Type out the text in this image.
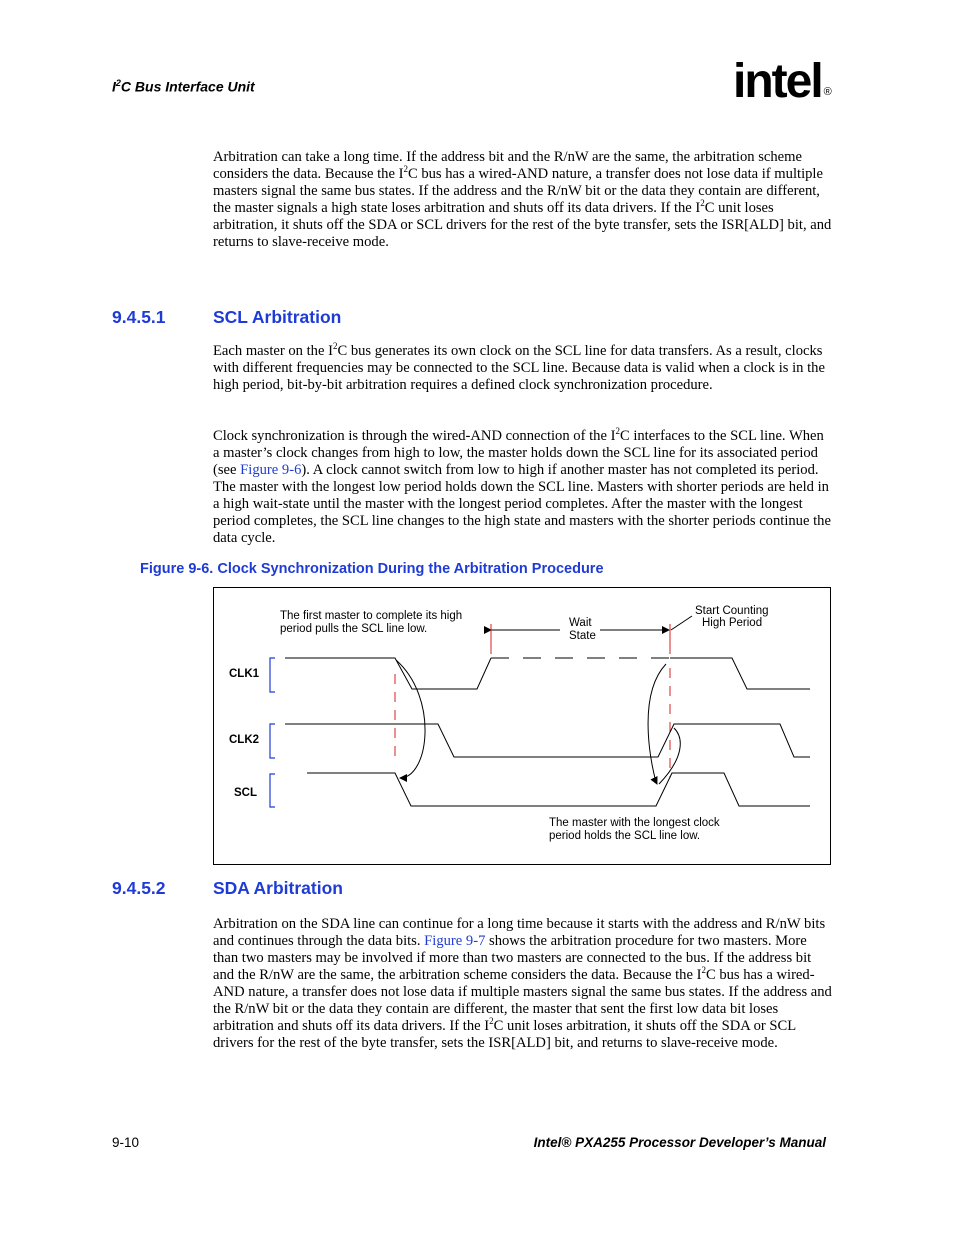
$I^2C$ Bus Interface Unit	intel ®

Arbitration can take a long time. If the address bit and the R/nW are the same, the arbitration scheme considers the data. Because the $I^2C$ bus has a wired-AND nature, a transfer does not lose data if multiple masters signal the same bus states. If the address and the R/nW bit or the data they contain are different, the master signals a high state loses arbitration and shuts off its data drivers. If the $I^2C$ unit loses arbitration, it shuts off the SDA or SCL drivers for the rest of the byte transfer, sets the ISR[ALD] bit, and returns to slave-receive mode.

9.4.5.1	SCL Arbitration

Each master on the $I^2C$ bus generates its own clock on the SCL line for data transfers. As a result, clocks with different frequencies may be connected to the SCL line. Because data is valid when a clock is in the high period, bit-by-bit arbitration requires a defined clock synchronization procedure.

Clock synchronization is through the wired-AND connection of the $I^2C$ interfaces to the SCL line. When a master’s clock changes from high to low, the master holds down the SCL line for its associated period (see Figure 9-6). A clock cannot switch from low to high if another master has not completed its period. The master with the longest low period holds down the SCL line. Masters with shorter periods are held in a high wait-state until the master with the longest period completes. After the master with the longest period completes, the SCL line changes to the high state and masters with the shorter periods continue the data cycle.

Figure 9-6. Clock Synchronization During the Arbitration Procedure
The first master to complete its high
period pulls the SCL line low.	Wait
State
Start Counting
High Period
The master with the longest clock
period holds the SCL line low.
CLK1
CLK2
SCL
9.4.5.2	SDA Arbitration

Arbitration on the SDA line can continue for a long time because it starts with the address and R/nW bits and continues through the data bits. Figure 9-7 shows the arbitration procedure for two masters. More than two masters may be involved if more than two masters are connected to the bus. If the address bit and the R/nW are the same, the arbitration scheme considers the data. Because the $I^2C$ bus has a wired-AND nature, a transfer does not lose data if multiple masters signal the same bus states. If the address and the R/nW bit or the data they contain are different, the master that sent the first low data bit loses arbitration and shuts off its data drivers. If the $I^2C$ unit loses arbitration, it shuts off the SDA or SCL drivers for the rest of the byte transfer, sets the ISR[ALD] bit, and returns to slave-receive mode.

9-10	Intel® PXA255 Processor Developer’s Manual
